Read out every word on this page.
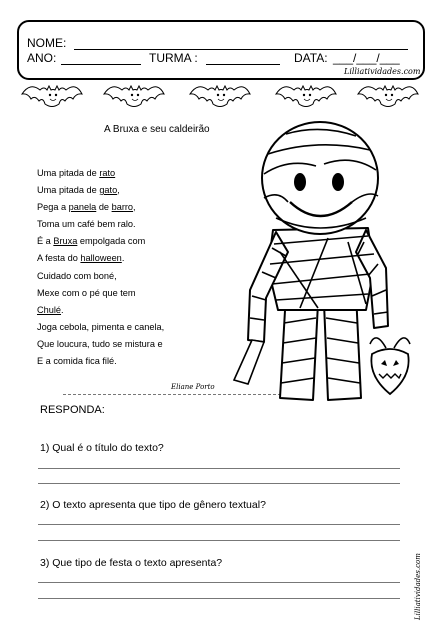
NOME:
ANO:	TURMA :	DATA: ___/___/___
Lilliatividades.com
A Bruxa e seu caldeirão
Uma pitada de rato
Uma pitada de gato,
Pega a panela de barro,
Toma um café bem ralo.
É a Bruxa empolgada com
A festa do halloween.
Cuidado com boné,
Mexe com o pé que tem
Chulé.
Joga cebola, pimenta e canela,
Que loucura, tudo se mistura e
E a comida fica filé.
Eliane Porto
RESPONDA:
1) Qual é o título do texto?
2) O texto apresenta que tipo de gênero textual?
3) Que tipo de festa o texto apresenta?	Lilliatividades.com
